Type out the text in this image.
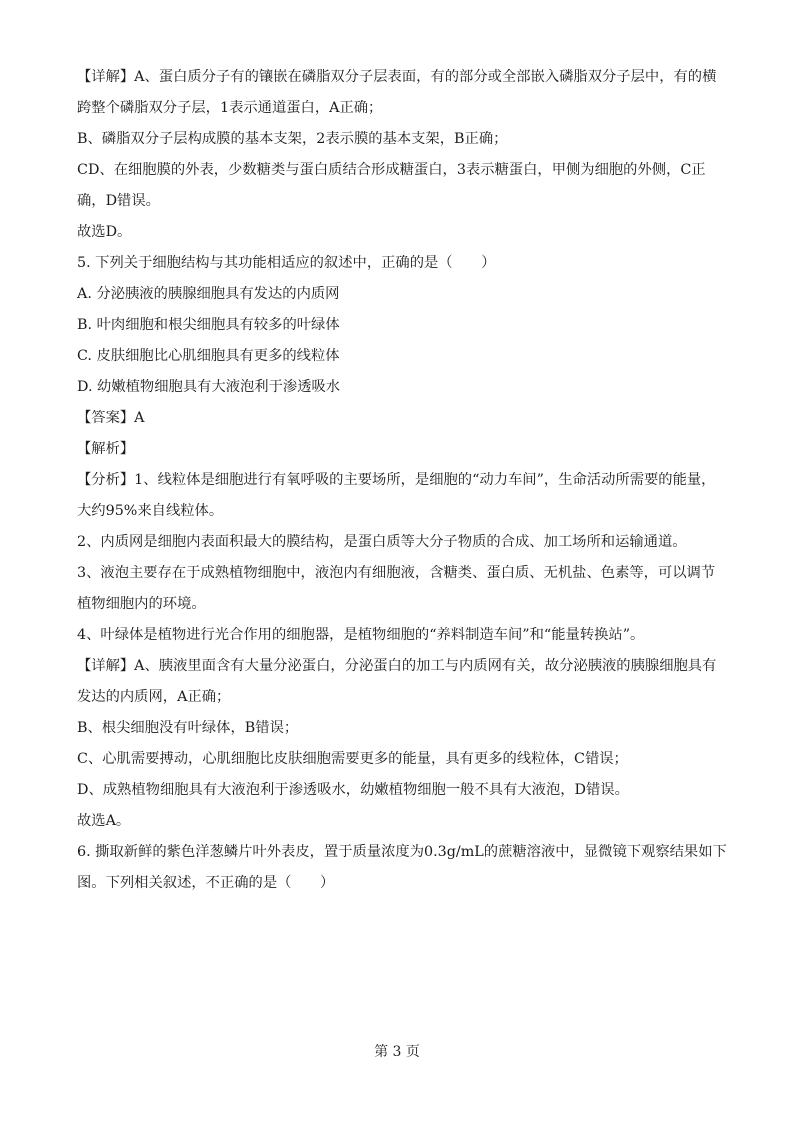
【详解】A、蛋白质分子有的镶嵌在磷脂双分子层表面，有的部分或全部嵌入磷脂双分子层中，有的横跨整个磷脂双分子层，1表示通道蛋白，A正确；

B、磷脂双分子层构成膜的基本支架，2表示膜的基本支架，B正确；

CD、在细胞膜的外表，少数糖类与蛋白质结合形成糖蛋白，3表示糖蛋白，甲侧为细胞的外侧，C正确，D错误。

故选D。

5. 下列关于细胞结构与其功能相适应的叙述中，正确的是（　　）

A. 分泌胰液的胰腺细胞具有发达的内质网

B. 叶肉细胞和根尖细胞具有较多的叶绿体

C. 皮肤细胞比心肌细胞具有更多的线粒体

D. 幼嫩植物细胞具有大液泡利于渗透吸水

【答案】A

【解析】

【分析】1、线粒体是细胞进行有氧呼吸的主要场所，是细胞的“动力车间”，生命活动所需要的能量，大约95%来自线粒体。

2、内质网是细胞内表面积最大的膜结构，是蛋白质等大分子物质的合成、加工场所和运输通道。

3、液泡主要存在于成熟植物细胞中，液泡内有细胞液，含糖类、蛋白质、无机盐、色素等，可以调节植物细胞内的环境。

4、叶绿体是植物进行光合作用的细胞器，是植物细胞的“养料制造车间”和“能量转换站”。

【详解】A、胰液里面含有大量分泌蛋白，分泌蛋白的加工与内质网有关，故分泌胰液的胰腺细胞具有发达的内质网，A正确；

B、根尖细胞没有叶绿体，B错误；

C、心肌需要搏动，心肌细胞比皮肤细胞需要更多的能量，具有更多的线粒体，C错误；

D、成熟植物细胞具有大液泡利于渗透吸水，幼嫩植物细胞一般不具有大液泡，D错误。

故选A。

6. 撕取新鲜的紫色洋葱鳞片叶外表皮，置于质量浓度为0.3g/mL的蔗糖溶液中，显微镜下观察结果如下图。下列相关叙述，不正确的是（　　）

第 3 页
